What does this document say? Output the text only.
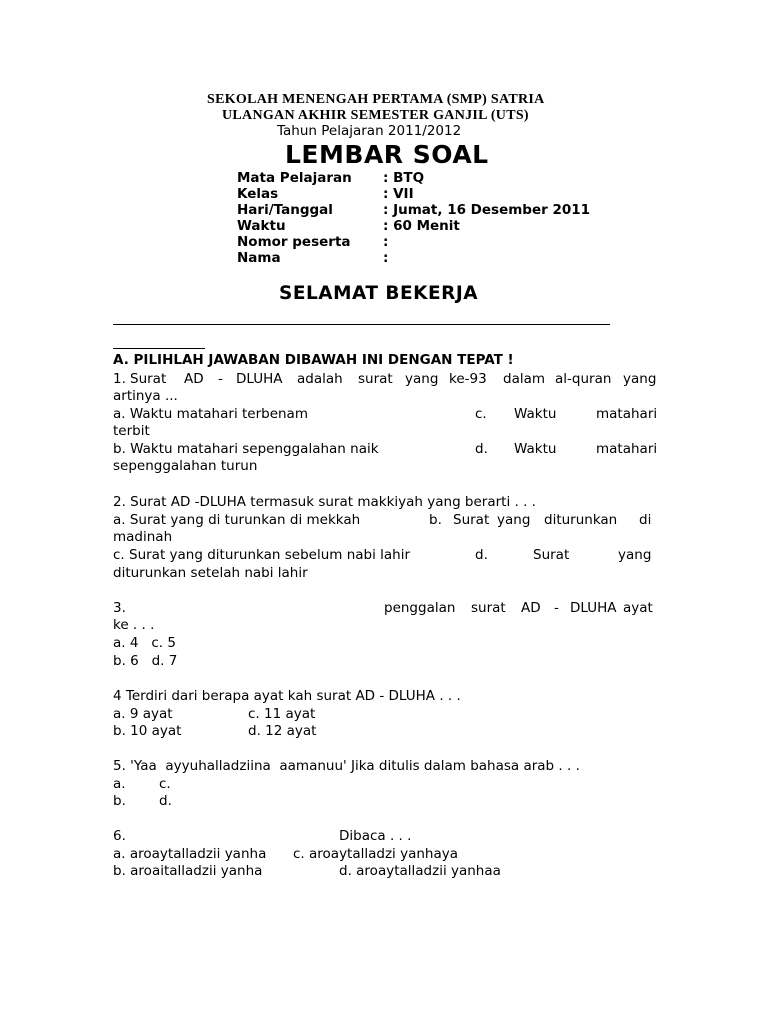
SEKOLAH MENENGAH PERTAMA (SMP) SATRIA
ULANGAN AKHIR SEMESTER GANJIL (UTS)
Tahun Pelajaran 2011/2012
LEMBAR SOAL
Mata Pelajaran : BTQ
Kelas	: VII
Hari/Tanggal	: Jumat, 16 Desember 2011
Waktu	: 60 Menit
Nomor peserta :
Nama	:
SELAMAT BEKERJA
A. PILIHLAH JAWABAN DIBAWAH INI DENGAN TEPAT !
1. Surat AD - DLUHA adalah surat yang ke-93 dalam al-quran yang
artinya ...
a. Waktu matahari terbenam	c. Waktu	matahari
terbit
b. Waktu matahari sepenggalahan naik	d. Waktu	matahari
sepenggalahan turun
2. Surat AD -DLUHA termasuk surat makkiyah yang berarti . . .
a. Surat yang di turunkan di mekkah	b. Surat yang diturunkan di
madinah
c. Surat yang diturunkan sebelum nabi lahir	d.	Surat	yang
diturunkan setelah nabi lahir
3.	penggalan surat AD - DLUHA ayat
ke . . .
a. 4   c. 5
b. 6   d. 7
4 Terdiri dari berapa ayat kah surat AD - DLUHA . . .
a. 9 ayat	c. 11 ayat
b. 10 ayat	d. 12 ayat
5. 'Yaa  ayyuhalladziina  aamanuu' Jika ditulis dalam bahasa arab . . .
a. c.
b. d.
6.	Dibaca . . .
a. aroaytalladzii yanha c. aroaytalladzi yanhaya
b. aroaitalladzii yanha	d. aroaytalladzii yanhaa
